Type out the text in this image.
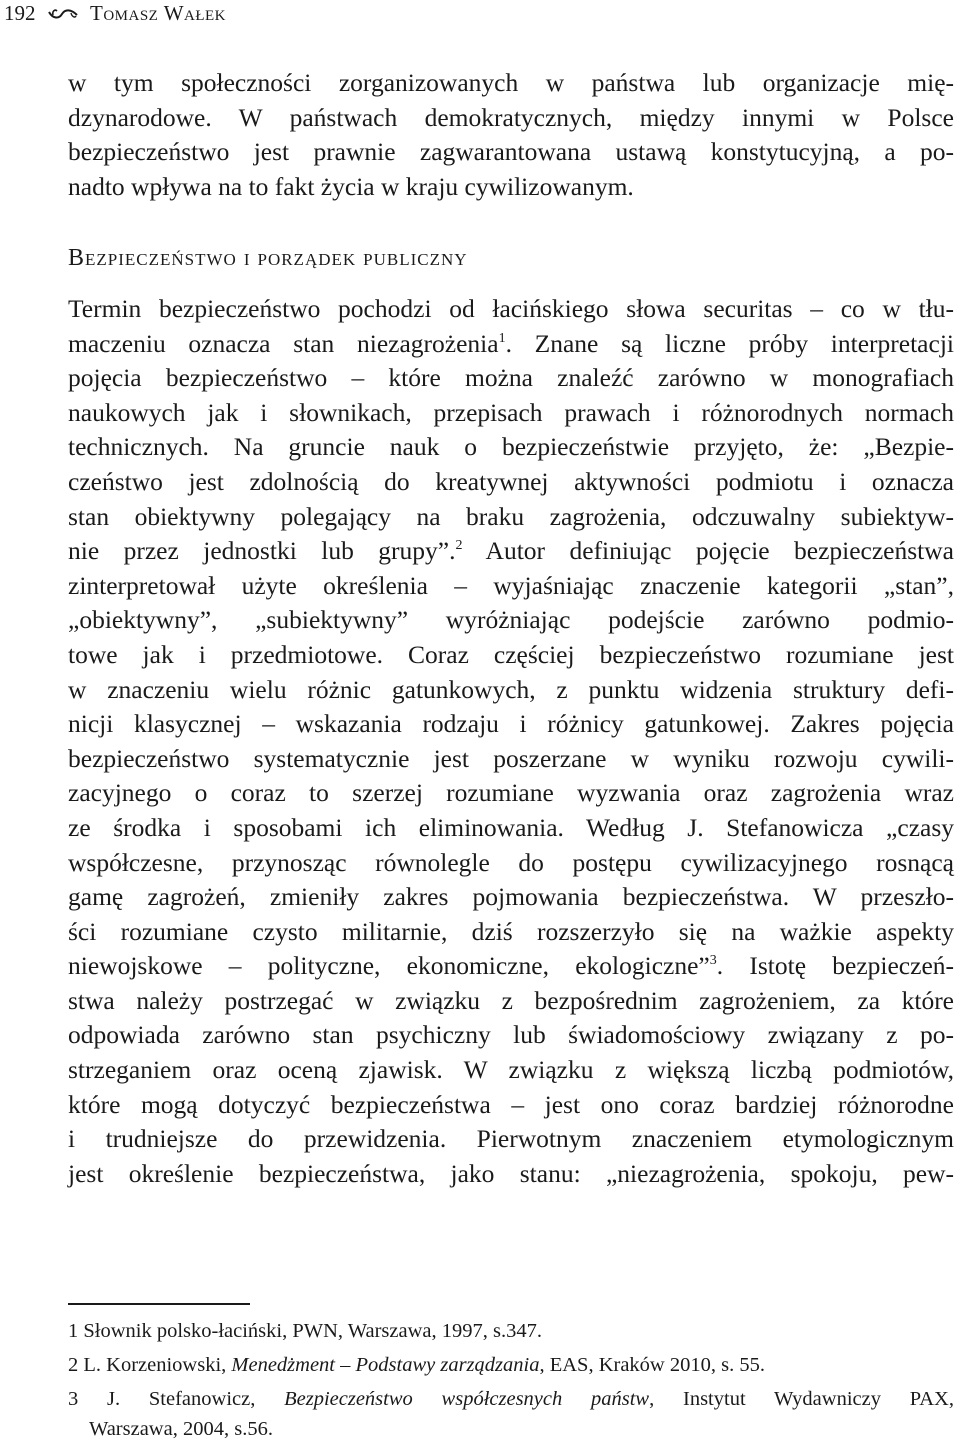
192	Tomasz Wałek
w tym społeczności zorganizowanych w państwa lub organizacje mię-
dzynarodowe. W państwach demokratycznych, między innymi w Polsce
bezpieczeństwo jest prawnie zagwarantowana ustawą konstytucyjną, a po-
nadto wpływa na to fakt życia w kraju cywilizowanym.
Bezpieczeństwo i porządek publiczny
Termin bezpieczeństwo pochodzi od łacińskiego słowa securitas – co w tłu-
maczeniu oznacza stan niezagrożenia$^1$. Znane są liczne próby interpretacji
pojęcia bezpieczeństwo – które można znaleźć zarówno w monografiach
naukowych jak i słownikach, przepisach prawach i różnorodnych normach
technicznych. Na gruncie nauk o bezpieczeństwie przyjęto, że: „Bezpie-
czeństwo jest zdolnością do kreatywnej aktywności podmiotu i oznacza
stan obiektywny polegający na braku zagrożenia, odczuwalny subiektyw-
nie przez jednostki lub grupy”.$^2$ Autor definiując pojęcie bezpieczeństwa
zinterpretował użyte określenia – wyjaśniając znaczenie kategorii „stan”,
„obiektywny”, „subiektywny” wyróżniając podejście zarówno podmio-
towe jak i przedmiotowe. Coraz częściej bezpieczeństwo rozumiane jest
w znaczeniu wielu różnic gatunkowych, z punktu widzenia struktury defi-
nicji klasycznej – wskazania rodzaju i różnicy gatunkowej. Zakres pojęcia
bezpieczeństwo systematycznie jest poszerzane w wyniku rozwoju cywili-
zacyjnego o coraz to szerzej rozumiane wyzwania oraz zagrożenia wraz
ze środka i sposobami ich eliminowania. Według J. Stefanowicza „czasy
współczesne, przynosząc równolegle do postępu cywilizacyjnego rosnącą
gamę zagrożeń, zmieniły zakres pojmowania bezpieczeństwa. W przeszło-
ści rozumiane czysto militarnie, dziś rozszerzyło się na ważkie aspekty
niewojskowe – polityczne, ekonomiczne, ekologiczne”$^3$. Istotę bezpieczeń-
stwa należy postrzegać w związku z bezpośrednim zagrożeniem, za które
odpowiada zarówno stan psychiczny lub świadomościowy związany z po-
strzeganiem oraz oceną zjawisk. W związku z większą liczbą podmiotów,
które mogą dotyczyć bezpieczeństwa – jest ono coraz bardziej różnorodne
i trudniejsze do przewidzenia. Pierwotnym znaczeniem etymologicznym
jest określenie bezpieczeństwa, jako stanu: „niezagrożenia, spokoju, pew-
1 Słownik polsko-łaciński, PWN, Warszawa, 1997, s.347.
2 L. Korzeniowski, Menedżment – Podstawy zarządzania, EAS, Kraków 2010, s. 55.
3 J. Stefanowicz, Bezpieczeństwo współczesnych państw, Instytut Wydawniczy PAX,
Warszawa, 2004, s.56.
